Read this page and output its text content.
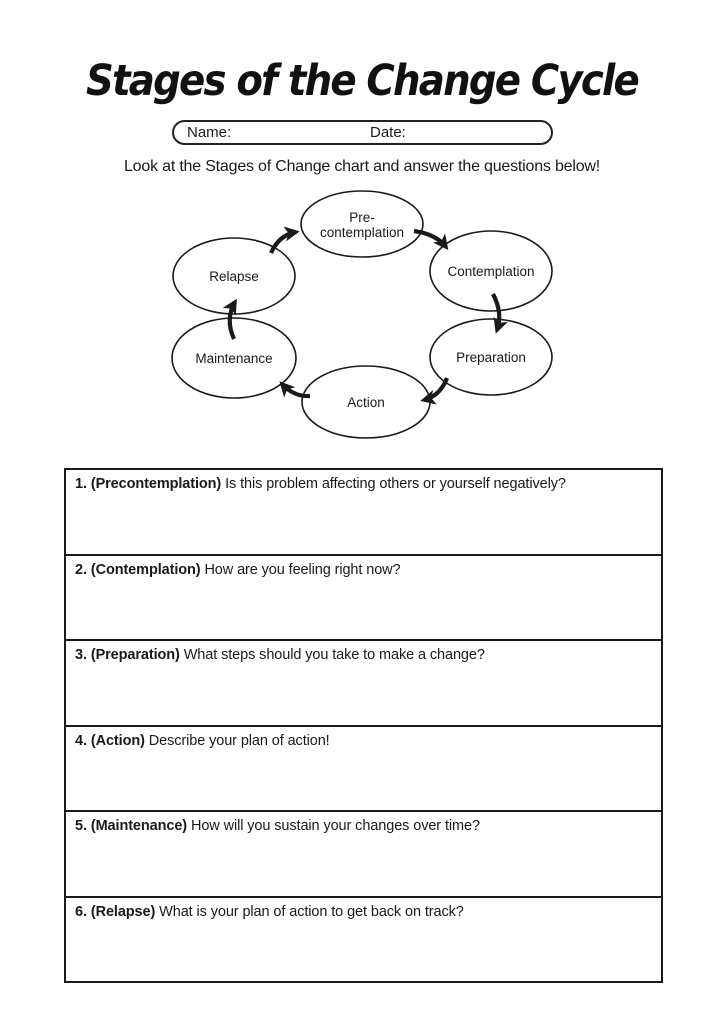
Stages of the Change Cycle
Name:	Date:
Look at the Stages of Change chart and answer the questions below!
Pre-
contemplation
Contemplation
Preparation
Action
Maintenance
Relapse
1. (Precontemplation) Is this problem affecting others or yourself negatively?
2. (Contemplation) How are you feeling right now?
3. (Preparation) What steps should you take to make a change?
4. (Action) Describe your plan of action!
5. (Maintenance) How will you sustain your changes over time?
6. (Relapse) What is your plan of action to get back on track?
